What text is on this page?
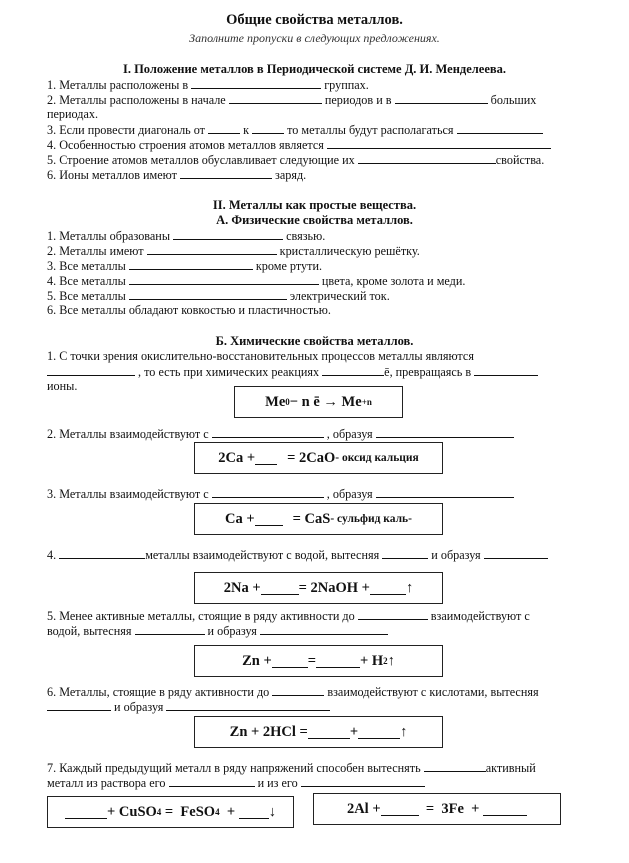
Общие свойства металлов.
Заполните пропуски в следующих предложениях.
I. Положение металлов в Периодической системе Д. И. Менделеева.
1. Металлы расположены в	группах.
2. Металлы расположены в начале	периодов и в	больших
периодах.
3. Если провести диагональ от	к	то металлы будут располагаться
4. Особенностью строения атомов металлов является
5. Строение атомов металлов обуславливает следующие их	свойства.
6. Ионы металлов имеют	заряд.
II. Металлы как простые вещества.
А. Физические свойства металлов.
1. Металлы образованы	связью.
2. Металлы имеют	кристаллическую решётку.
3. Все металлы	кроме ртути.
4. Все металлы	цвета, кроме золота и меди.
5. Все металлы	электрический ток.
6. Все металлы обладают ковкостью и пластичностью.
Б. Химические свойства металлов.
1. С точки зрения окислительно-восстановительных процессов металлы являются
, то есть при химических реакциях	ē, превращаясь в
ионы.
Me 0 − n ē → Me +n
2. Металлы взаимодействуют с	, образуя
2Ca + = 2CaO - оксид кальция
3. Металлы взаимодействуют с	, образуя
Ca +	= CaS - сульфид каль-
4.	металлы взаимодействуют с водой, вытесняя	и образуя
2Na +	= 2NaOH + ↑
5. Менее активные металлы, стоящие в ряду активности до	взаимодействуют с
водой, вытесняя	и образуя
Zn + =	+ H 2 ↑
6. Металлы, стоящие в ряду активности до	взаимодействуют с кислотами, вытесняя
и образуя
Zn + 2HCl =	+	↑
7. Каждый предыдущий металл в ряду напряжений способен вытеснять	активный
металл из раствора его	и из его
+ CuSO 4 =  FeSO 4 + ↓	2Al +	=  3Fe  +
